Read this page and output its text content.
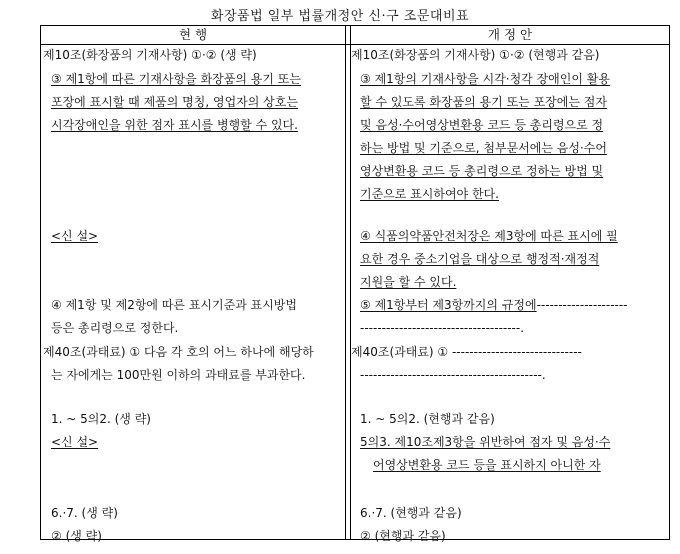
화장품법 일부 법률개정안 신·구 조문대비표
현 행	개 정 안
제10조(화장품의 기재사항) ①·② (생 략)
③ 제1항에 따른 기재사항을 화장품의 용기 또는
포장에 표시할 때 제품의 명칭, 영업자의 상호는
시각장애인을 위한 점자 표시를 병행할 수 있다.
<신 설>
④ 제1항 및 제2항에 따른 표시기준과 표시방법
등은 총리령으로 정한다.
제40조(과태료) ① 다음 각 호의 어느 하나에 해당하
는 자에게는 100만원 이하의 과태료를 부과한다.
1. ~ 5의2. (생 략)
<신 설>
6.·7. (생 략)
② (생 략)
제10조(화장품의 기재사항) ①·② (현행과 같음)
③ 제1항의 기재사항을 시각·청각 장애인이 활용
할 수 있도록 화장품의 용기 또는 포장에는 점자
및 음성·수어영상변환용 코드 등 총리령으로 정
하는 방법 및 기준으로, 첨부문서에는 음성·수어
영상변환용 코드 등 총리령으로 정하는 방법 및
기준으로 표시하여야 한다.
④ 식품의약품안전처장은 제3항에 따른 표시에 필
요한 경우 중소기업을 대상으로 행정적·재정적
지원을 할 수 있다.
⑤ 제1항부터 제3항까지의 규정에---------------------
-------------------------------------.
제40조(과태료) ① ------------------------------
------------------------------------------.
1. ~ 5의2. (현행과 같음)
5의3. 제10조제3항을 위반하여 점자 및 음성·수
어영상변환용 코드 등을 표시하지 아니한 자
6.·7. (현행과 같음)
② (현행과 같음)
